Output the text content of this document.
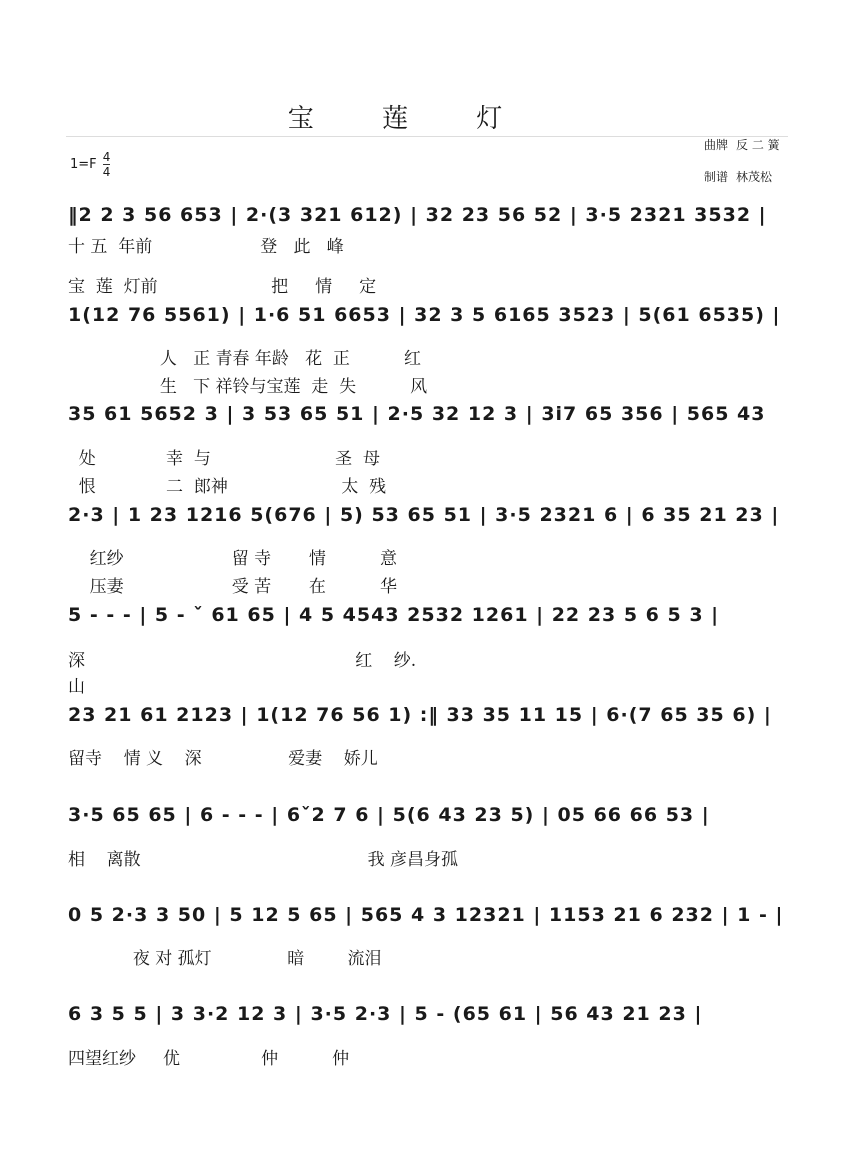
宝 莲 灯
曲牌 反 二 簧
制谱 林茂松
$1=F \frac{4}{4}$
‖2 2 3 56 653 | 2·(3 321 612) | 32 23 56 52 | 3·5 2321 3532 |
十 五  年前                    登   此   峰
宝  莲  灯前                     把     情     定
1(12 76 5561) | 1·6 51 6653 | 32 3 5 6165 3523 | 5(61 6535) |
人   正 青春 年龄   花  正          红
生   下 祥铃与宝莲  走  失          风
35 61 5652 3 | 3 53 65 51 | 2·5 32 12 3 | 3i7 65 356 | 565 43
处             幸  与                       圣  母
恨             二  郎神                     太  残
2·3 | 1 23 1216 5(676 | 5) 53 65 51 | 3·5 2321 6 | 6 35 21 23 |
红纱                    留 寺       情          意
压妻                    受 苦       在          华
5 - - - | 5 - ˇ 61 65 | 4 5 4543 2532 1261 | 22 23 5 6 5 3 |
深                                                  红    纱.
山
23 21 61 2123 | 1(12 76 56 1) :‖ 33 35 11 15 | 6·(7 65 35 6) |
留寺    情 义    深                爱妻    娇儿
3·5 65 65 | 6 - - - | 6ˇ2 7 6 | 5(6 43 23 5) | 05 66 66 53 |
相    离散                                          我 彦昌身孤
0 5 2·3 3 50 | 5 12 5 65 | 565 4 3 12321 | 1153 21 6 232 | 1 - |
夜 对 孤灯              暗        流泪
6 3 5 5 | 3 3·2 12 3 | 3·5 2·3 | 5 - (65 61 | 56 43 21 23 |
四望红纱     优               仲          仲
